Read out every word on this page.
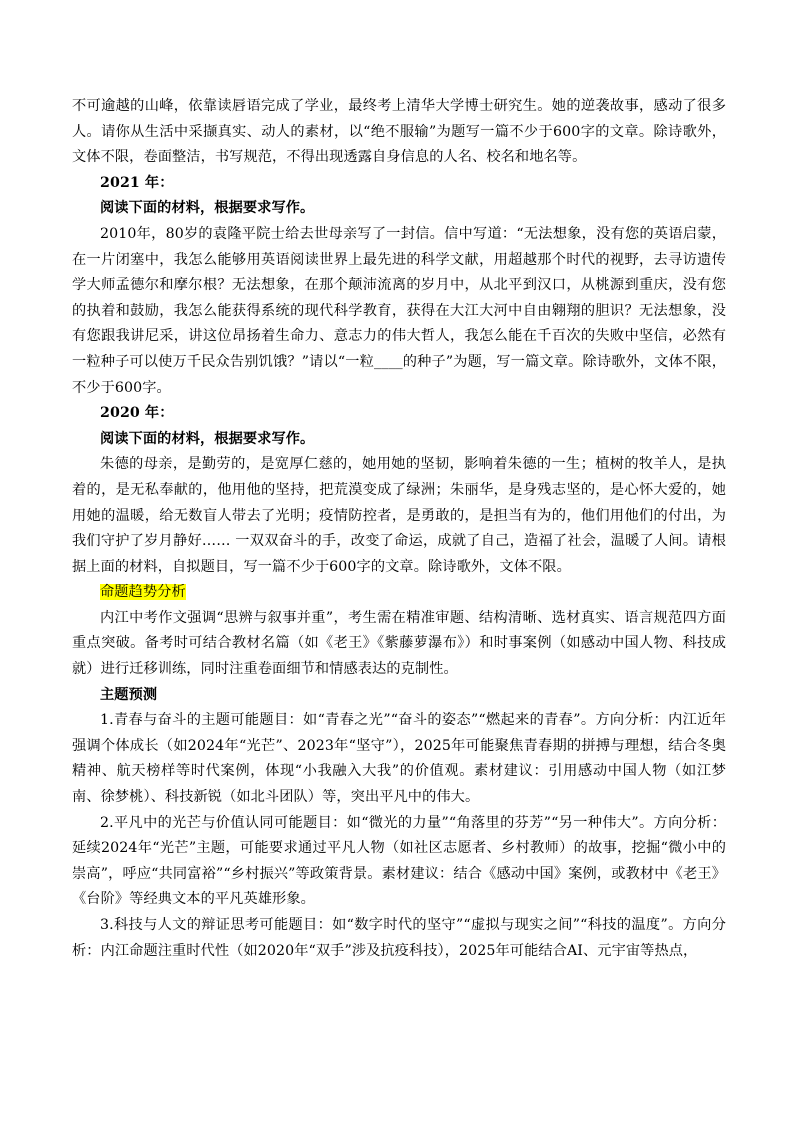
不可逾越的山峰，依靠读唇语完成了学业，最终考上清华大学博士研究生。她的逆袭故事，感动了很多人。请你从生活中采撷真实、动人的素材，以“绝不服输”为题写一篇不少于600字的文章。除诗歌外，文体不限，卷面整洁，书写规范，不得出现透露自身信息的人名、校名和地名等。

2021 年：

阅读下面的材料，根据要求写作。

2010年，80岁的袁隆平院士给去世母亲写了一封信。信中写道：“无法想象，没有您的英语启蒙，在一片闭塞中，我怎么能够用英语阅读世界上最先进的科学文献，用超越那个时代的视野，去寻访遗传学大师孟德尔和摩尔根？无法想象，在那个颠沛流离的岁月中，从北平到汉口，从桃源到重庆，没有您的执着和鼓励，我怎么能获得系统的现代科学教育，获得在大江大河中自由翱翔的胆识？无法想象，没有您跟我讲尼采，讲这位昂扬着生命力、意志力的伟大哲人，我怎么能在千百次的失败中坚信，必然有一粒种子可以使万千民众告别饥饿？”请以“一粒____的种子”为题，写一篇文章。除诗歌外，文体不限，不少于600字。

2020 年：

阅读下面的材料，根据要求写作。

朱德的母亲，是勤劳的，是宽厚仁慈的，她用她的坚韧，影响着朱德的一生；植树的牧羊人，是执着的，是无私奉献的，他用他的坚持，把荒漠变成了绿洲；朱丽华，是身残志坚的，是心怀大爱的，她用她的温暖，给无数盲人带去了光明；疫情防控者，是勇敢的，是担当有为的，他们用他们的付出，为我们守护了岁月静好…… 一双双奋斗的手，改变了命运，成就了自己，造福了社会，温暖了人间。请根据上面的材料，自拟题目，写一篇不少于600字的文章。除诗歌外，文体不限。

命题趋势分析

内江中考作文强调“思辨与叙事并重”，考生需在精准审题、结构清晰、选材真实、语言规范四方面重点突破。备考时可结合教材名篇（如《老王》《紫藤萝瀑布》）和时事案例（如感动中国人物、科技成就）进行迁移训练，同时注重卷面细节和情感表达的克制性。

主题预测

1.青春与奋斗的主题可能题目：如“青春之光”“奋斗的姿态”“燃起来的青春”。方向分析：内江近年强调个体成长（如2024年“光芒”、2023年“坚守”），2025年可能聚焦青春期的拼搏与理想，结合冬奥精神、航天榜样等时代案例，体现“小我融入大我”的价值观。素材建议：引用感动中国人物（如江梦南、徐梦桃）、科技新锐（如北斗团队）等，突出平凡中的伟大。

2.平凡中的光芒与价值认同可能题目：如“微光的力量”“角落里的芬芳”“另一种伟大”。方向分析：延续2024年“光芒”主题，可能要求通过平凡人物（如社区志愿者、乡村教师）的故事，挖掘“微小中的崇高”，呼应“共同富裕”“乡村振兴”等政策背景。素材建议：结合《感动中国》案例，或教材中《老王》《台阶》等经典文本的平凡英雄形象。

3.科技与人文的辩证思考可能题目：如“数字时代的坚守”“虚拟与现实之间”“科技的温度”。方向分析：内江命题注重时代性（如2020年“双手”涉及抗疫科技），2025年可能结合AI、元宇宙等热点，
